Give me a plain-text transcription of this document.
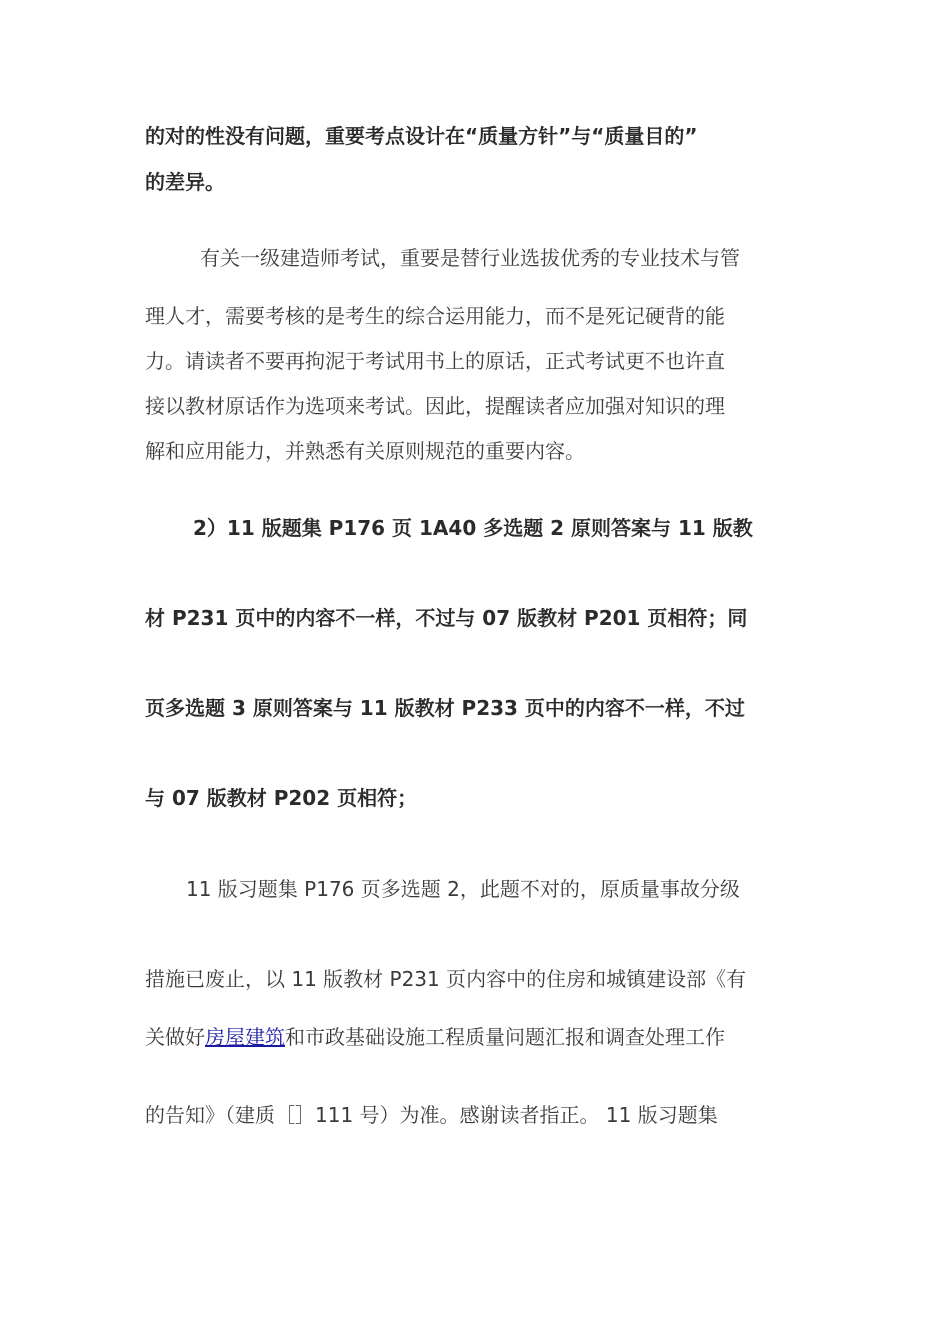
的对的性没有问题，重要考点设计在“质量方针”与“质量目的”
的差异。
有关一级建造师考试，重要是替行业选拔优秀的专业技术与管
理人才，需要考核的是考生的综合运用能力，而不是死记硬背的能
力。请读者不要再拘泥于考试用书上的原话，正式考试更不也许直
接以教材原话作为选项来考试。因此，提醒读者应加强对知识的理
解和应用能力，并熟悉有关原则规范的重要内容。
2）11 版题集 P176 页 1A40 多选题 2 原则答案与 11 版教
材 P231 页中的内容不一样，不过与 07 版教材 P201 页相符；同
页多选题 3 原则答案与 11 版教材 P233 页中的内容不一样，不过
与 07 版教材 P202 页相符；
11 版习题集 P176 页多选题 2，此题不对的，原质量事故分级
措施已废止，以 11 版教材 P231 页内容中的住房和城镇建设部《有
关做好房屋建筑和市政基础设施工程质量问题汇报和调查处理工作
的告知》（建质［］111 号）为准。感谢读者指正。 11 版习题集
